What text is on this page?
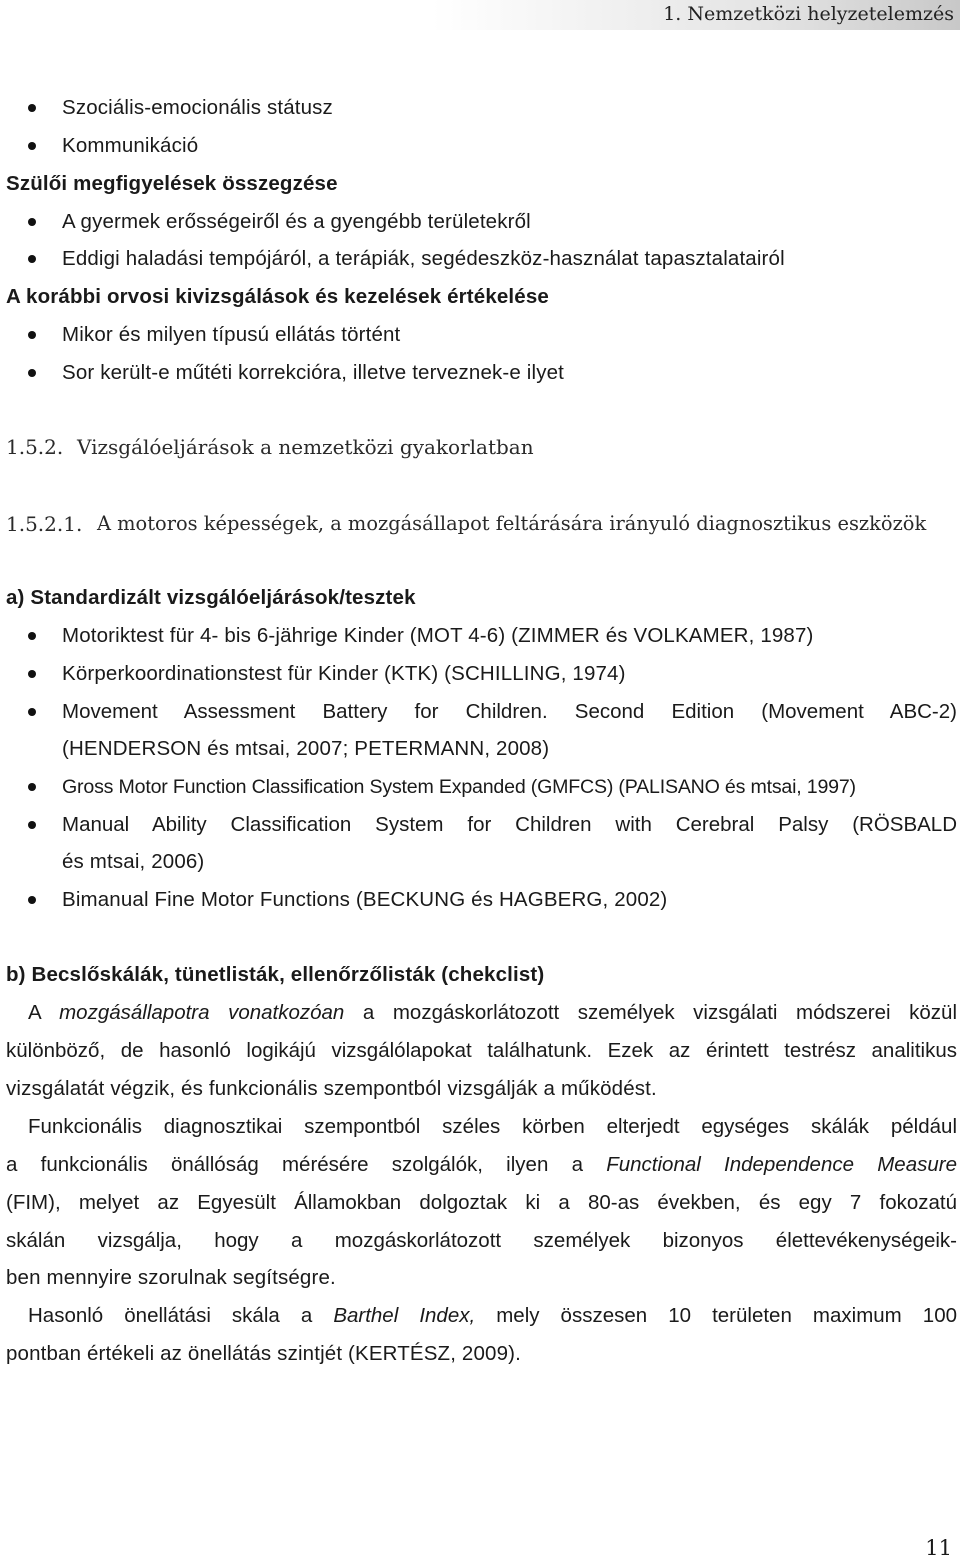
1. Nemzetközi helyzetelemzés
Szociális-emocionális státusz
Kommunikáció
Szülői megfigyelések összegzése
A gyermek erősségeiről és a gyengébb területekről
Eddigi haladási tempójáról, a terápiák, segédeszköz-használat tapasztalatairól
A korábbi orvosi kivizsgálások és kezelések értékelése
Mikor és milyen típusú ellátás történt
Sor került-e műtéti korrekcióra, illetve terveznek-e ilyet
1.5.2. Vizsgálóeljárások a nemzetközi gyakorlatban
1.5.2.1. A motoros képességek, a mozgásállapot feltárására irányuló diagnosztikus eszközök
a) Standardizált vizsgálóeljárások/tesztek
Motoriktest für 4- bis 6-jährige Kinder (MOT 4-6) (ZIMMER és VOLKAMER, 1987)
Körperkoordinationstest für Kinder (KTK) (SCHILLING, 1974)
Movement Assessment Battery for Children. Second Edition (Movement ABC-2)
(HENDERSON és mtsai, 2007; PETERMANN, 2008)
Gross Motor Function Classification System Expanded (GMFCS) (PALISANO és mtsai, 1997)
Manual Ability Classification System for Children with Cerebral Palsy (RÖSBALD
és mtsai, 2006)
Bimanual Fine Motor Functions (BECKUNG és HAGBERG, 2002)
b) Becslőskálák, tünetlisták, ellenőrzőlisták (chekclist)
A mozgásállapotra vonatkozóan a mozgáskorlátozott személyek vizsgálati módszerei közül
különböző, de hasonló logikájú vizsgálólapokat találhatunk. Ezek az érintett testrész analitikus
vizsgálatát végzik, és funkcionális szempontból vizsgálják a működést.
Funkcionális diagnosztikai szempontból széles körben elterjedt egységes skálák például
a funkcionális önállóság mérésére szolgálók, ilyen a Functional Independence Measure
(FIM), melyet az Egyesült Államokban dolgoztak ki a 80-as években, és egy 7 fokozatú
skálán vizsgálja, hogy a mozgáskorlátozott személyek bizonyos élettevékenységeik-
ben mennyire szorulnak segítségre.
Hasonló önellátási skála a Barthel Index, mely összesen 10 területen maximum 100
pontban értékeli az önellátás szintjét (KERTÉSZ, 2009).
11
